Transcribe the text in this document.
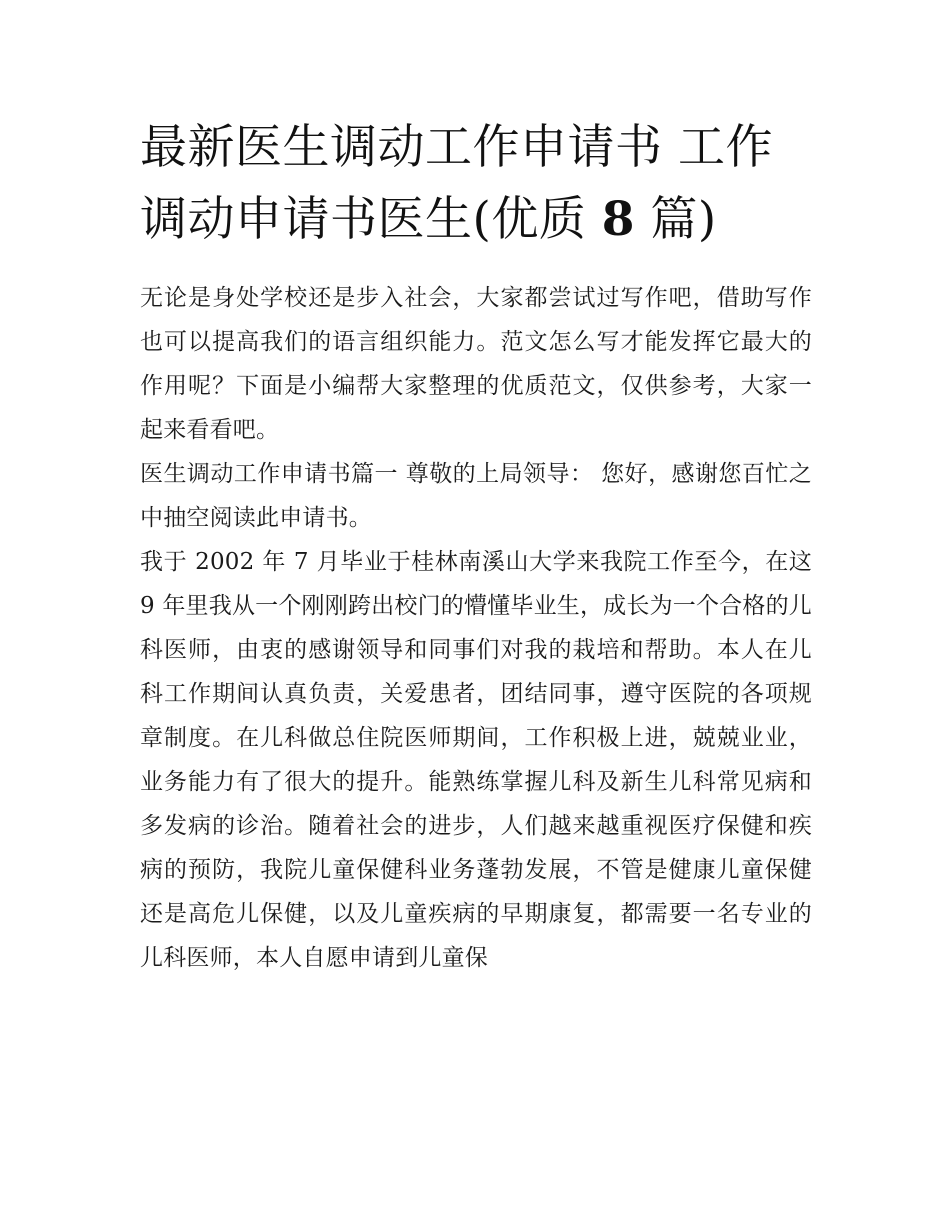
最新医生调动工作申请书 工作调动申请书医生(优质 8 篇)

无论是身处学校还是步入社会，大家都尝试过写作吧，借助写作也可以提高我们的语言组织能力。范文怎么写才能发挥它最大的作用呢？下面是小编帮大家整理的优质范文，仅供参考，大家一起来看看吧。

医生调动工作申请书篇一 尊敬的上局领导： 您好，感谢您百忙之中抽空阅读此申请书。

我于 2002 年 7 月毕业于桂林南溪山大学来我院工作至今，在这 9 年里我从一个刚刚跨出校门的懵懂毕业生，成长为一个合格的儿科医师，由衷的感谢领导和同事们对我的栽培和帮助。本人在儿科工作期间认真负责，关爱患者，团结同事，遵守医院的各项规章制度。在儿科做总住院医师期间，工作积极上进，兢兢业业，业务能力有了很大的提升。能熟练掌握儿科及新生儿科常见病和多发病的诊治。随着社会的进步，人们越来越重视医疗保健和疾病的预防，我院儿童保健科业务蓬勃发展，不管是健康儿童保健还是高危儿保健，以及儿童疾病的早期康复，都需要一名专业的儿科医师，本人自愿申请到儿童保
